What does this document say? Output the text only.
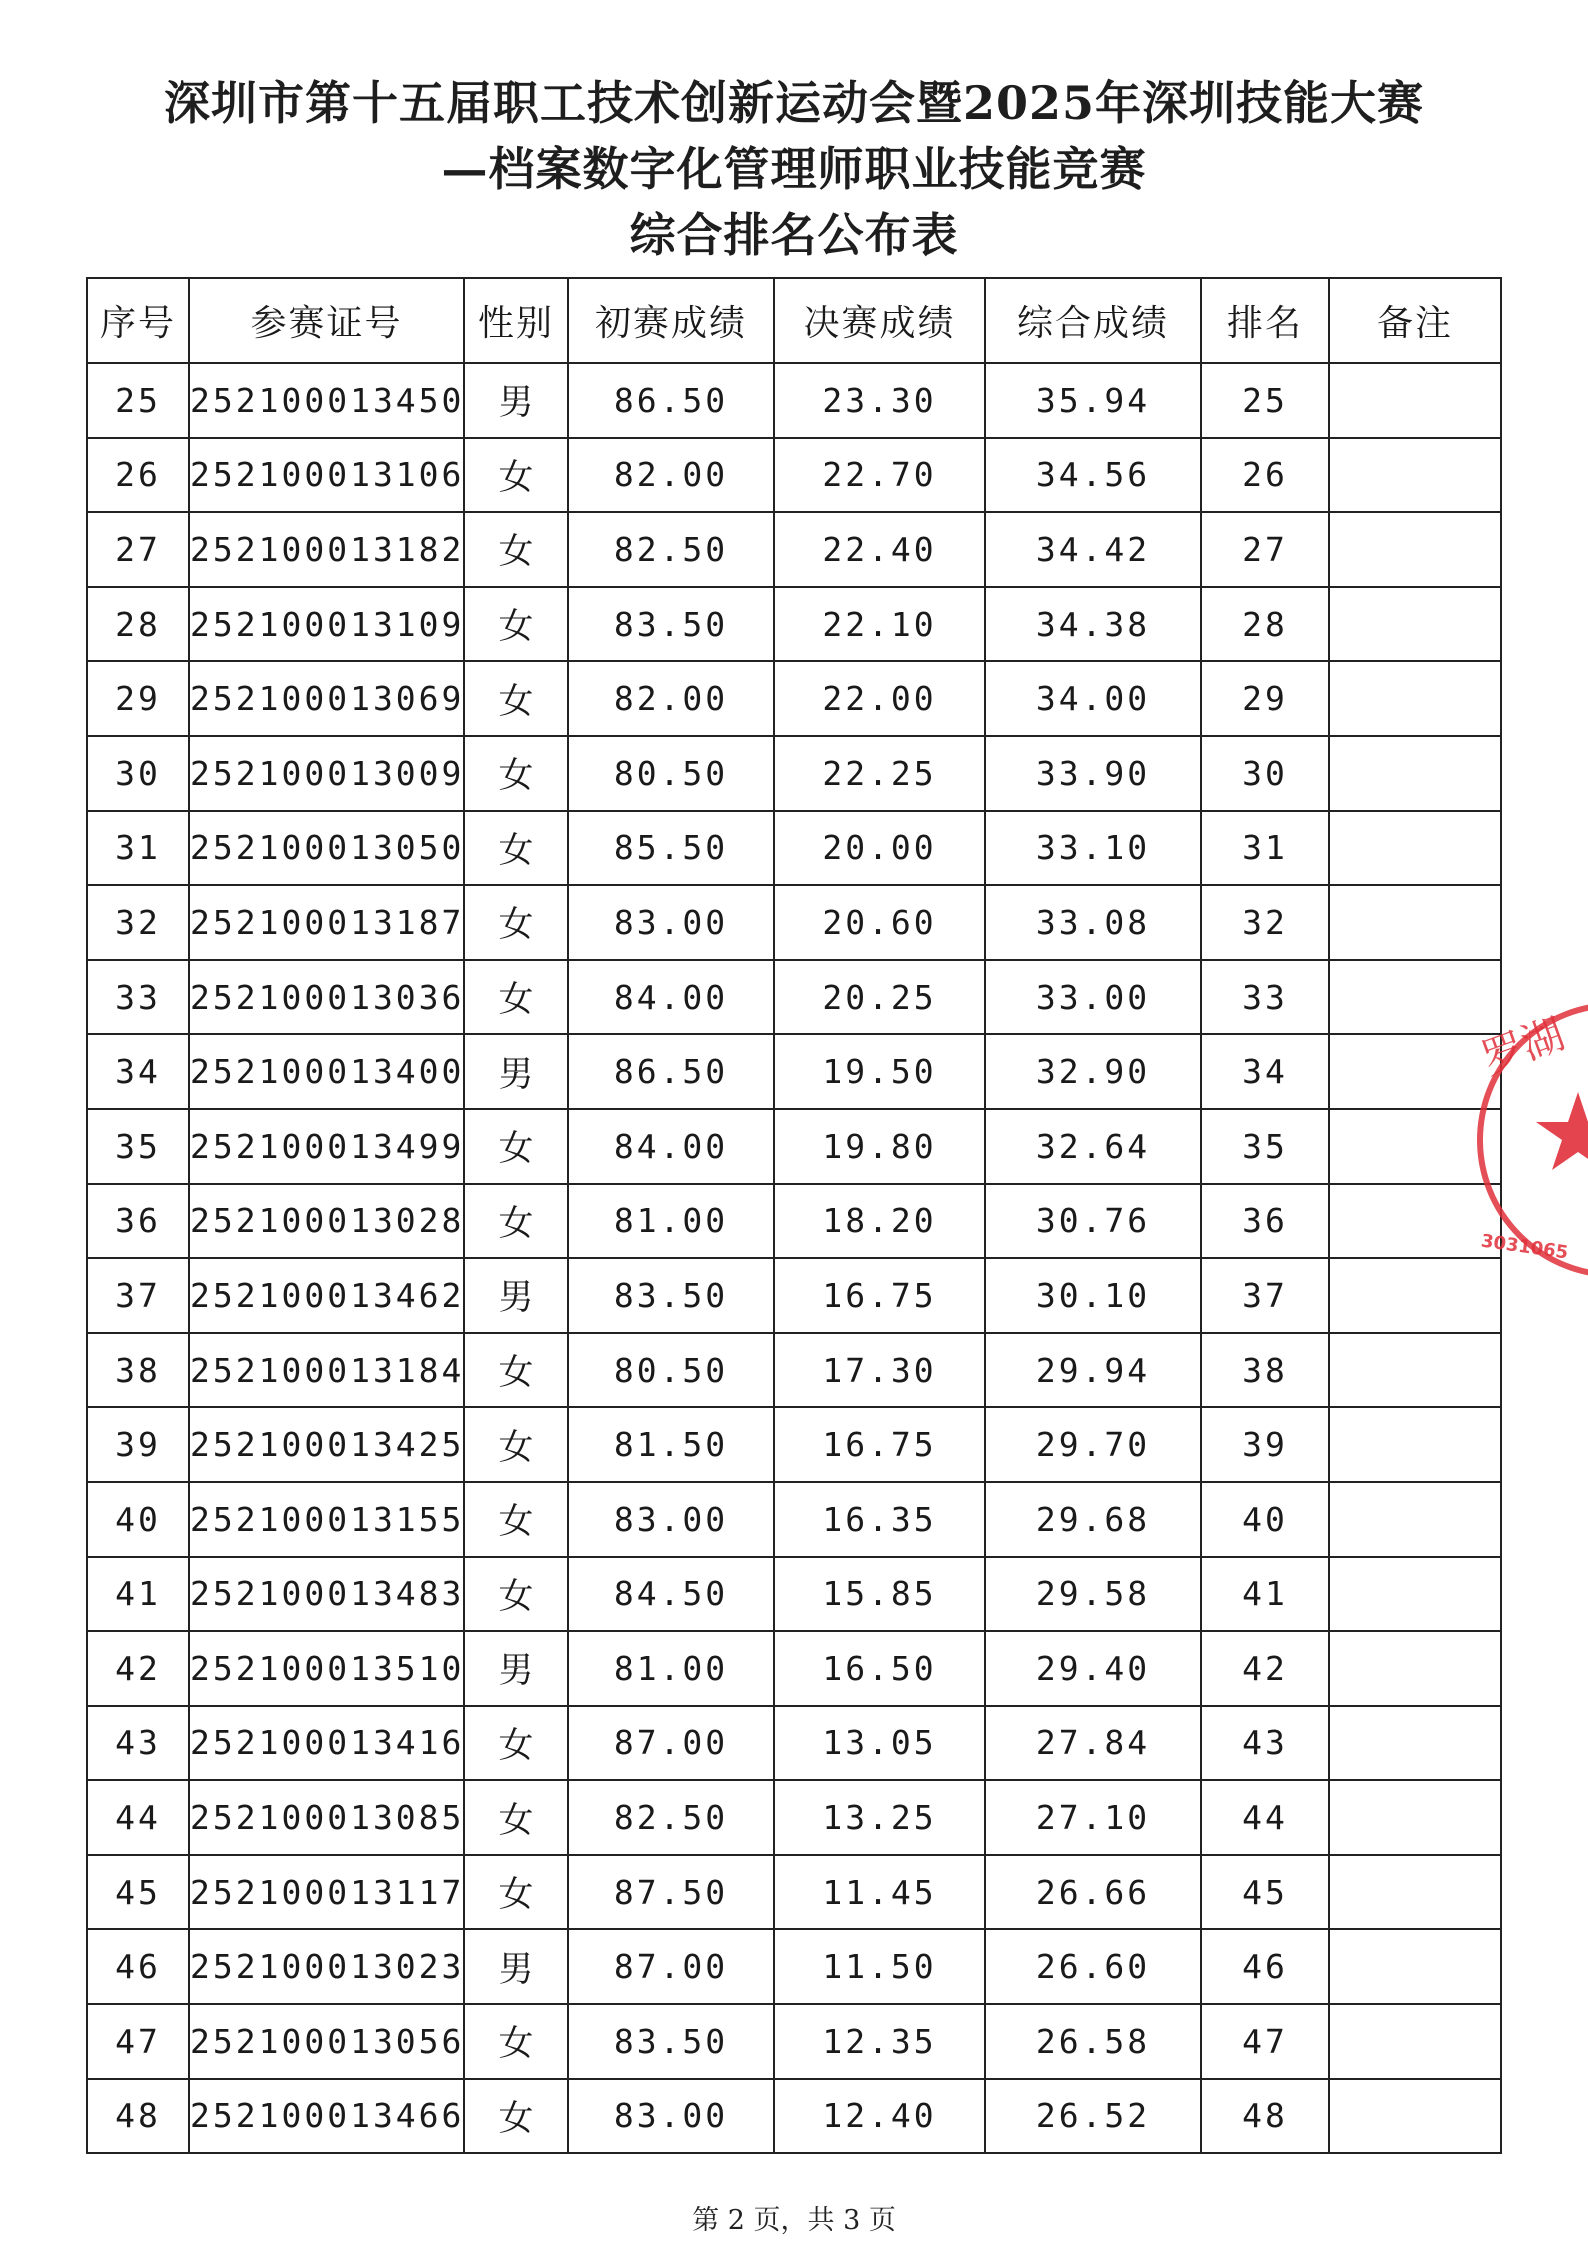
深圳市第十五届职工技术创新运动会暨2025年深圳技能大赛
—档案数字化管理师职业技能竞赛
综合排名公布表
序号	参赛证号	性别	初赛成绩	决赛成绩	综合成绩	排名	备注
25	252100013450	男	86.50	23.30	35.94	25	
26	252100013106	女	82.00	22.70	34.56	26	
27	252100013182	女	82.50	22.40	34.42	27	
28	252100013109	女	83.50	22.10	34.38	28	
29	252100013069	女	82.00	22.00	34.00	29	
30	252100013009	女	80.50	22.25	33.90	30	
31	252100013050	女	85.50	20.00	33.10	31	
32	252100013187	女	83.00	20.60	33.08	32	
33	252100013036	女	84.00	20.25	33.00	33	
34	252100013400	男	86.50	19.50	32.90	34	
35	252100013499	女	84.00	19.80	32.64	35	
36	252100013028	女	81.00	18.20	30.76	36	
37	252100013462	男	83.50	16.75	30.10	37	
38	252100013184	女	80.50	17.30	29.94	38	
39	252100013425	女	81.50	16.75	29.70	39	
40	252100013155	女	83.00	16.35	29.68	40	
41	252100013483	女	84.50	15.85	29.58	41	
42	252100013510	男	81.00	16.50	29.40	42	
43	252100013416	女	87.00	13.05	27.84	43	
44	252100013085	女	82.50	13.25	27.10	44	
45	252100013117	女	87.50	11.45	26.66	45	
46	252100013023	男	87.00	11.50	26.60	46	
47	252100013056	女	83.50	12.35	26.58	47	
48	252100013466	女	83.00	12.40	26.52	48	
第 2 页，共 3 页
罗湖
3031065
